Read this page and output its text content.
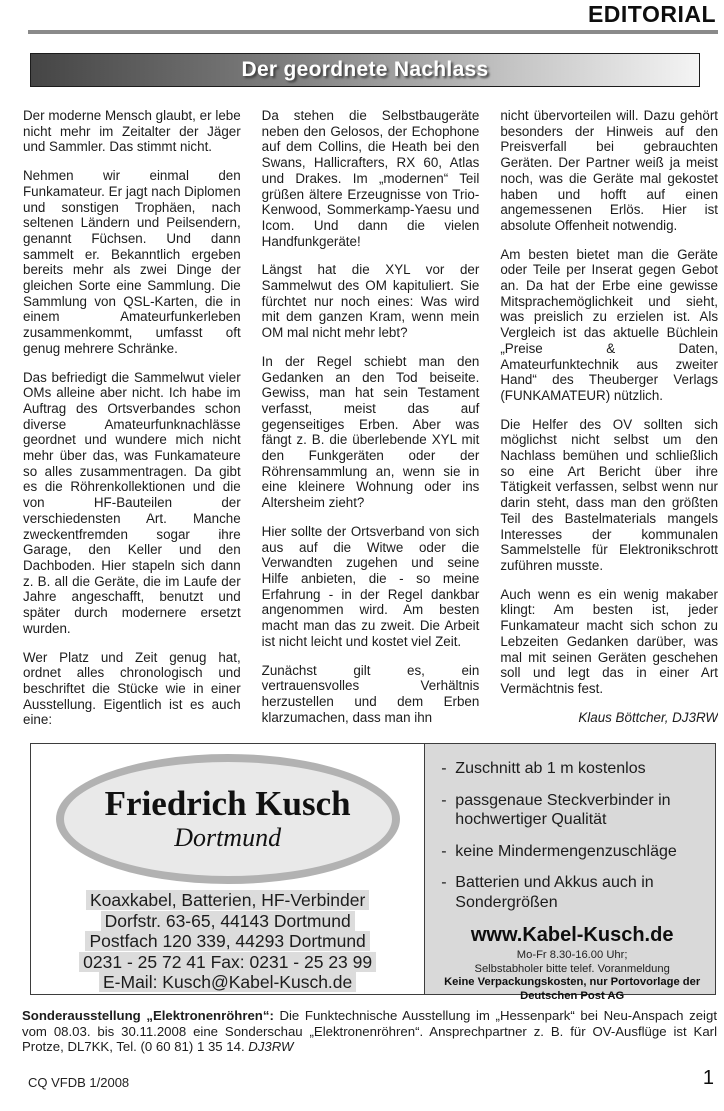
EDITORIAL
Der geordnete Nachlass

Der moderne Mensch glaubt, er lebe nicht mehr im Zeitalter der Jäger und Sammler. Das stimmt nicht.

Nehmen wir einmal den Funkamateur. Er jagt nach Diplomen und sonstigen Trophäen, nach seltenen Ländern und Peilsendern, genannt Füchsen. Und dann sammelt er. Bekanntlich ergeben bereits mehr als zwei Dinge der gleichen Sorte eine Sammlung. Die Sammlung von QSL-Karten, die in einem Amateurfunkerleben zusammenkommt, umfasst oft genug mehrere Schränke.

Das befriedigt die Sammelwut vieler OMs alleine aber nicht. Ich habe im Auftrag des Ortsverbandes schon diverse Amateurfunknachlässe geordnet und wundere mich nicht mehr über das, was Funkamateure so alles zusammentragen. Da gibt es die Röhrenkollektionen und die von HF-Bauteilen der verschiedensten Art. Manche zweckentfremden sogar ihre Garage, den Keller und den Dachboden. Hier stapeln sich dann z. B. all die Geräte, die im Laufe der Jahre angeschafft, benutzt und später durch modernere ersetzt wurden.

Wer Platz und Zeit genug hat, ordnet alles chronologisch und beschriftet die Stücke wie in einer Ausstellung. Eigentlich ist es auch eine:

Da stehen die Selbstbaugeräte neben den Gelosos, der Echophone auf dem Collins, die Heath bei den Swans, Hallicrafters, RX 60, Atlas und Drakes. Im „modernen“ Teil grüßen ältere Erzeugnisse von Trio-Kenwood, Sommerkamp-Yaesu und Icom. Und dann die vielen Handfunkgeräte!

Längst hat die XYL vor der Sammelwut des OM kapituliert. Sie fürchtet nur noch eines: Was wird mit dem ganzen Kram, wenn mein OM mal nicht mehr lebt?

In der Regel schiebt man den Gedanken an den Tod beiseite. Gewiss, man hat sein Testament verfasst, meist das auf gegenseitiges Erben. Aber was fängt z. B. die überlebende XYL mit den Funkgeräten oder der Röhrensammlung an, wenn sie in eine kleinere Wohnung oder ins Altersheim zieht?

Hier sollte der Ortsverband von sich aus auf die Witwe oder die Verwandten zugehen und seine Hilfe anbieten, die - so meine Erfahrung - in der Regel dankbar angenommen wird. Am besten macht man das zu zweit. Die Arbeit ist nicht leicht und kostet viel Zeit.

Zunächst gilt es, ein vertrauensvolles Verhältnis herzustellen und dem Erben klarzumachen, dass man ihn

nicht übervorteilen will. Dazu gehört besonders der Hinweis auf den Preisverfall bei gebrauchten Geräten. Der Partner weiß ja meist noch, was die Geräte mal gekostet haben und hofft auf einen angemessenen Erlös. Hier ist absolute Offenheit notwendig.

Am besten bietet man die Geräte oder Teile per Inserat gegen Gebot an. Da hat der Erbe eine gewisse Mitsprachemöglichkeit und sieht, was preislich zu erzielen ist. Als Vergleich ist das aktuelle Büchlein „Preise & Daten, Amateurfunktechnik aus zweiter Hand“ des Theuberger Verlags (FUNKAMATEUR) nützlich.

Die Helfer des OV sollten sich möglichst nicht selbst um den Nachlass bemühen und schließlich so eine Art Bericht über ihre Tätigkeit verfassen, selbst wenn nur darin steht, dass man den größten Teil des Bastelmaterials mangels Interesses der kommunalen Sammelstelle für Elektronikschrott zuführen musste.

Auch wenn es ein wenig makaber klingt: Am besten ist, jeder Funkamateur macht sich schon zu Lebzeiten Gedanken darüber, was mal mit seinen Geräten geschehen soll und legt das in einer Art Vermächtnis fest.

Klaus Böttcher, DJ3RW

Friedrich Kusch
Dortmund
Koaxkabel, Batterien, HF-Verbinder
Dorfstr. 63-65, 44143 Dortmund
Postfach 120 339, 44293 Dortmund
0231 - 25 72 41 Fax: 0231 - 25 23 99
E-Mail: Kusch@Kabel-Kusch.de
- Zuschnitt ab 1 m kostenlos
- passgenaue Steckverbinder in hochwertiger Qualität
- keine Mindermengenzuschläge
- Batterien und Akkus auch in Sondergrößen
www.Kabel-Kusch.de
Mo-Fr 8.30-16.00 Uhr;
Selbstabholer bitte telef. Voranmeldung
Keine Verpackungskosten, nur Portovorlage der Deutschen Post AG
Sonderausstellung „Elektronenröhren“: Die Funktechnische Ausstellung im „Hessenpark“ bei Neu-Anspach zeigt vom 08.03. bis 30.11.2008 eine Sonderschau „Elektronenröhren“. Ansprechpartner z. B. für OV-Ausflüge ist Karl Protze, DL7KK, Tel. (0 60 81) 1 35 14. DJ3RW
CQ VFDB 1/2008	1
